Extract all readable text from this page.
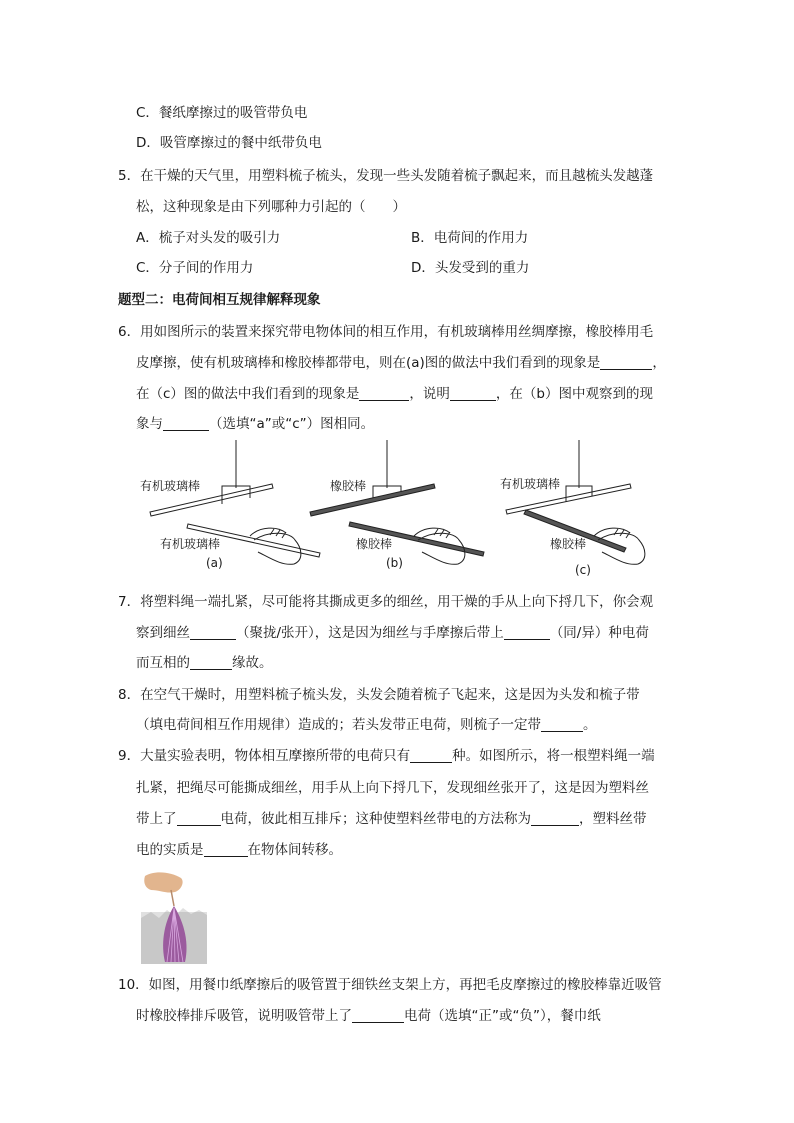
C．餐纸摩擦过的吸管带负电
D．吸管摩擦过的餐中纸带负电
5．在干燥的天气里，用塑料梳子梳头，发现一些头发随着梳子飘起来，而且越梳头发越蓬
松，这种现象是由下列哪种力引起的（　　）
A．梳子对头发的吸引力	B．电荷间的作用力
C．分子间的作用力	D．头发受到的重力
题型二：电荷间相互规律解释现象
6．用如图所示的装置来探究带电物体间的相互作用，有机玻璃棒用丝绸摩擦，橡胶棒用毛
皮摩擦，使有机玻璃棒和橡胶棒都带电，则在(a)图的做法中我们看到的现象是	，
在（c）图的做法中我们看到的现象是	，说明	，在（b）图中观察到的现
象与	（选填“a”或“c”）图相同。
有机玻璃棒
有机玻璃棒
(a)
橡胶棒
橡胶棒
(b)
有机玻璃棒
橡胶棒
(c)
7．将塑料绳一端扎紧，尽可能将其撕成更多的细丝，用干燥的手从上向下捋几下，你会观
察到细丝	（聚拢/张开），这是因为细丝与手摩擦后带上	（同/异）种电荷
而互相的	缘故。
8．在空气干燥时，用塑料梳子梳头发，头发会随着梳子飞起来，这是因为头发和梳子带
（填电荷间相互作用规律）造成的；若头发带正电荷，则梳子一定带	。
9．大量实验表明，物体相互摩擦所带的电荷只有	种。如图所示，将一根塑料绳一端
扎紧，把绳尽可能撕成细丝，用手从上向下捋几下，发现细丝张开了，这是因为塑料丝
带上了	电荷，彼此相互排斥；这种使塑料丝带电的方法称为	，塑料丝带
电的实质是	在物体间转移。
10．如图，用餐巾纸摩擦后的吸管置于细铁丝支架上方，再把毛皮摩擦过的橡胶棒靠近吸管
时橡胶棒排斥吸管，说明吸管带上了	电荷（选填“正”或“负”），餐巾纸
